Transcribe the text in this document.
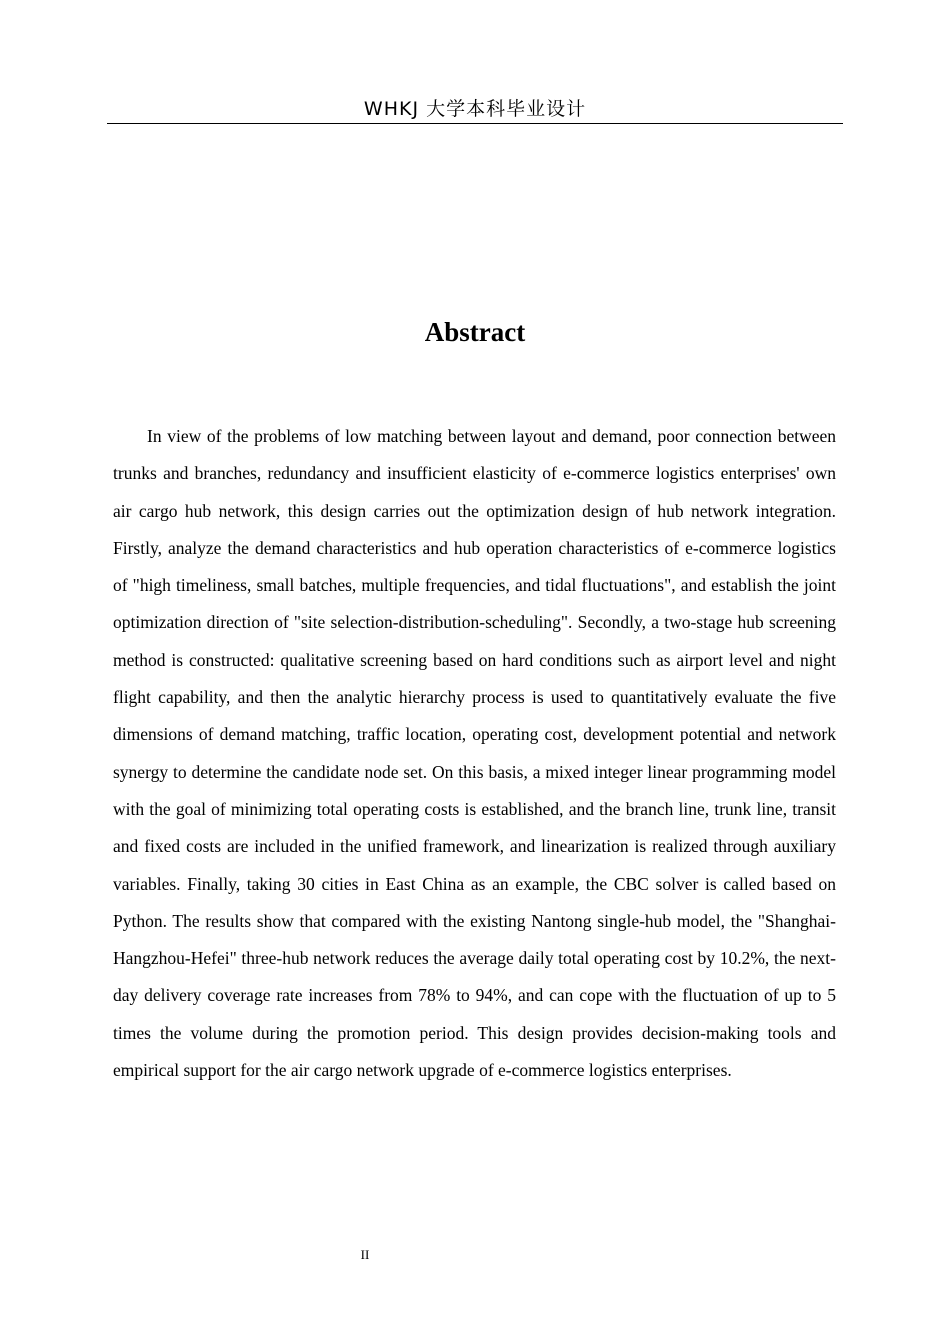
WHKJ 大学本科毕业设计
Abstract

In view of the problems of low matching between layout and demand, poor connection between trunks and branches, redundancy and insufficient elasticity of e-commerce logistics enterprises' own air cargo hub network, this design carries out the optimization design of hub network integration. Firstly, analyze the demand characteristics and hub operation characteristics of e-commerce logistics of "high timeliness, small batches, multiple frequencies, and tidal fluctuations", and establish the joint optimization direction of "site selection-distribution-scheduling". Secondly, a two-stage hub screening method is constructed: qualitative screening based on hard conditions such as airport level and night flight capability, and then the analytic hierarchy process is used to quantitatively evaluate the five dimensions of demand matching, traffic location, operating cost, development potential and network synergy to determine the candidate node set. On this basis, a mixed integer linear programming model with the goal of minimizing total operating costs is established, and the branch line, trunk line, transit and fixed costs are included in the unified framework, and linearization is realized through auxiliary variables. Finally, taking 30 cities in East China as an example, the CBC solver is called based on Python. The results show that compared with the existing Nantong single-hub model, the "Shanghai-Hangzhou-Hefei" three-hub network reduces the average daily total operating cost by 10.2%, the next-day delivery coverage rate increases from 78% to 94%, and can cope with the fluctuation of up to 5 times the volume during the promotion period. This design provides decision-making tools and empirical support for the air cargo network upgrade of e-commerce logistics enterprises.

II
